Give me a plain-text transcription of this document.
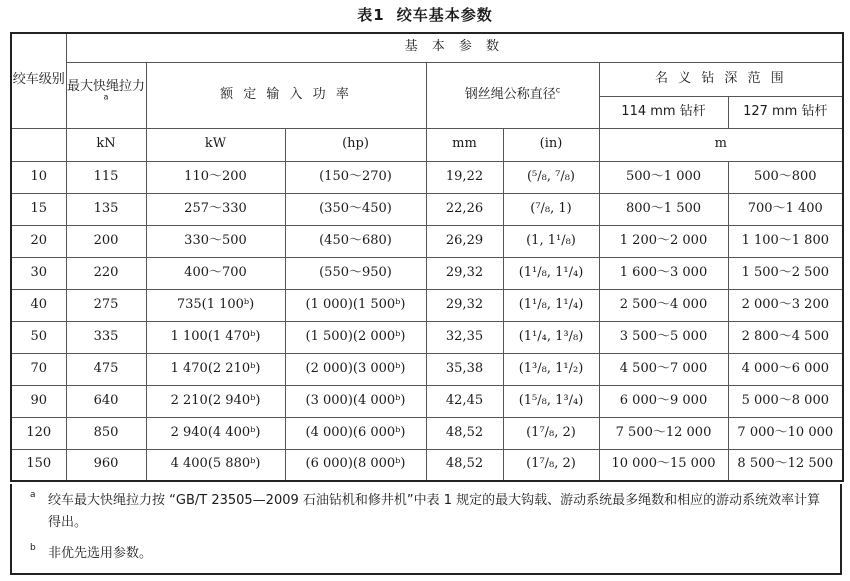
表1 绞车基本参数
绞车级别	基 本 参 数						
	最大快绳拉力$^a$	额 定 输 入 功 率		钢丝绳公称直径$^c$		名 义 钻 深 范 围	
						114 mm 钻杆	127 mm 钻杆
	kN	kW	(hp)	mm	(in)	m	
10	115	110～200	(150～270)	19,22	(⁵/₈, ⁷/₈)	500～1 000	500～800
15	135	257～330	(350～450)	22,26	(⁷/₈, 1)	800～1 500	700～1 400
20	200	330～500	(450～680)	26,29	(1, 1¹/₈)	1 200～2 000	1 100～1 800
30	220	400～700	(550～950)	29,32	(1¹/₈, 1¹/₄)	1 600～3 000	1 500～2 500
40	275	735(1 100ᵇ)	(1 000)(1 500ᵇ)	29,32	(1¹/₈, 1¹/₄)	2 500～4 000	2 000～3 200
50	335	1 100(1 470ᵇ)	(1 500)(2 000ᵇ)	32,35	(1¹/₄, 1³/₈)	3 500～5 000	2 800～4 500
70	475	1 470(2 210ᵇ)	(2 000)(3 000ᵇ)	35,38	(1³/₈, 1¹/₂)	4 500～7 000	4 000～6 000
90	640	2 210(2 940ᵇ)	(3 000)(4 000ᵇ)	42,45	(1⁵/₈, 1³/₄)	6 000～9 000	5 000～8 000
120	850	2 940(4 400ᵇ)	(4 000)(6 000ᵇ)	48,52	(1⁷/₈, 2)	7 500～12 000	7 000～10 000
150	960	4 400(5 880ᵇ)	(6 000)(8 000ᵇ)	48,52	(1⁷/₈, 2)	10 000～15 000	8 500～12 500
a 绞车最大快绳拉力按 “GB/T 23505—2009 石油钻机和修井机”中表 1 规定的最大钩载、游动系统最多绳数和相应的游动系统效率计算得出。
b 非优先选用参数。
